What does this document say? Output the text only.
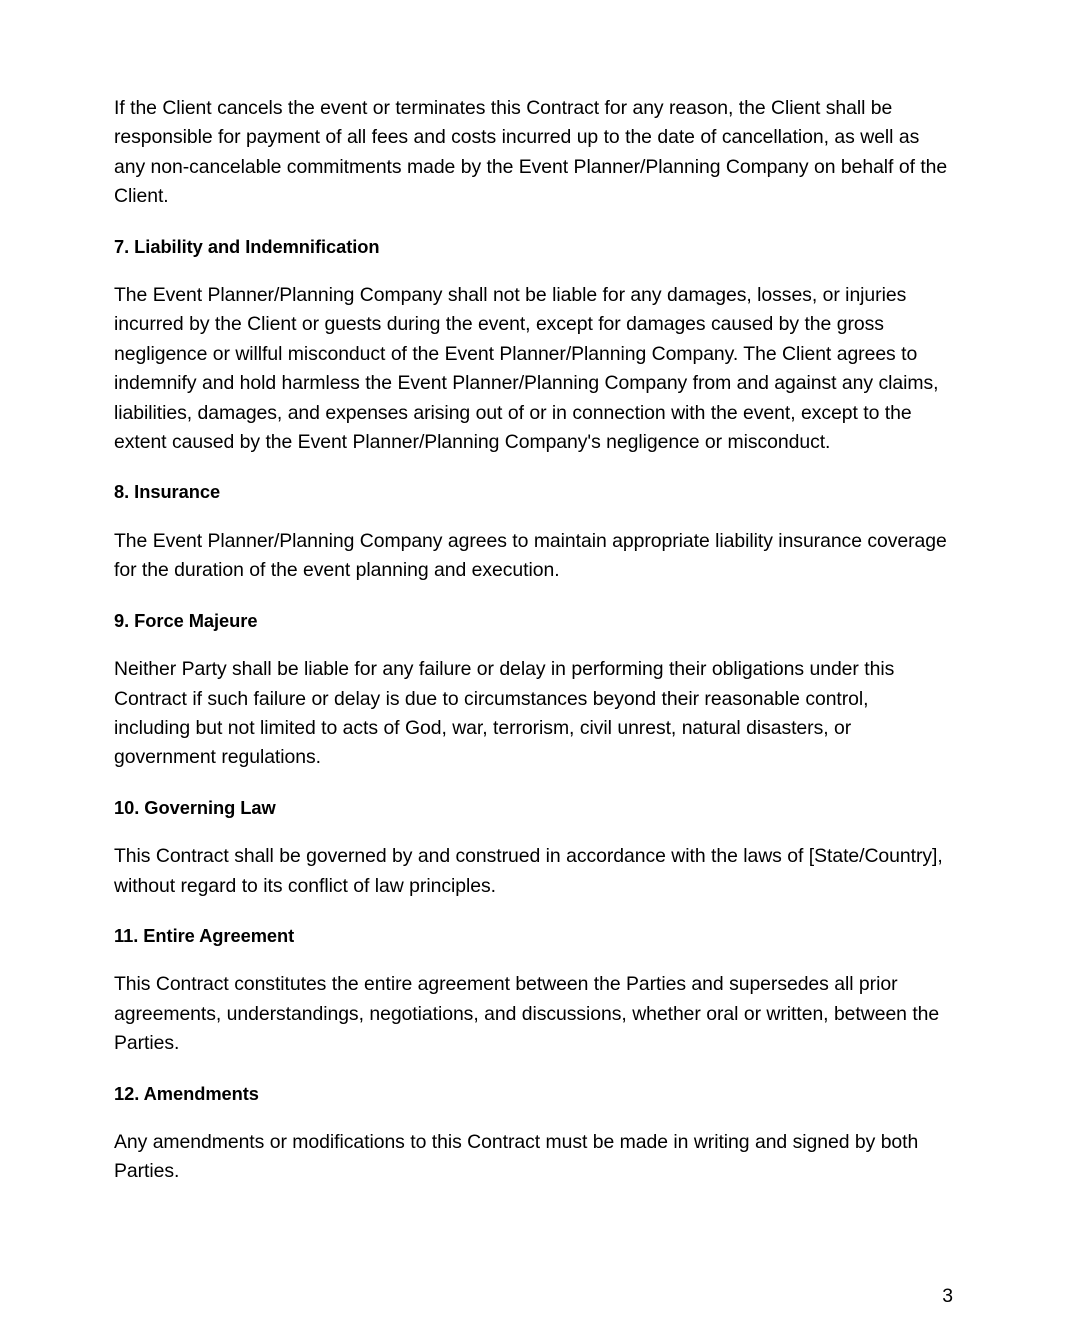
If the Client cancels the event or terminates this Contract for any reason, the Client shall be responsible for payment of all fees and costs incurred up to the date of cancellation, as well as any non-cancelable commitments made by the Event Planner/Planning Company on behalf of the Client.

7. Liability and Indemnification

The Event Planner/Planning Company shall not be liable for any damages, losses, or injuries incurred by the Client or guests during the event, except for damages caused by the gross negligence or willful misconduct of the Event Planner/Planning Company. The Client agrees to indemnify and hold harmless the Event Planner/Planning Company from and against any claims, liabilities, damages, and expenses arising out of or in connection with the event, except to the extent caused by the Event Planner/Planning Company's negligence or misconduct.

8. Insurance

The Event Planner/Planning Company agrees to maintain appropriate liability insurance coverage for the duration of the event planning and execution.

9. Force Majeure

Neither Party shall be liable for any failure or delay in performing their obligations under this Contract if such failure or delay is due to circumstances beyond their reasonable control, including but not limited to acts of God, war, terrorism, civil unrest, natural disasters, or government regulations.

10. Governing Law

This Contract shall be governed by and construed in accordance with the laws of [State/Country], without regard to its conflict of law principles.

11. Entire Agreement

This Contract constitutes the entire agreement between the Parties and supersedes all prior agreements, understandings, negotiations, and discussions, whether oral or written, between the Parties.

12. Amendments

Any amendments or modifications to this Contract must be made in writing and signed by both Parties.

3
